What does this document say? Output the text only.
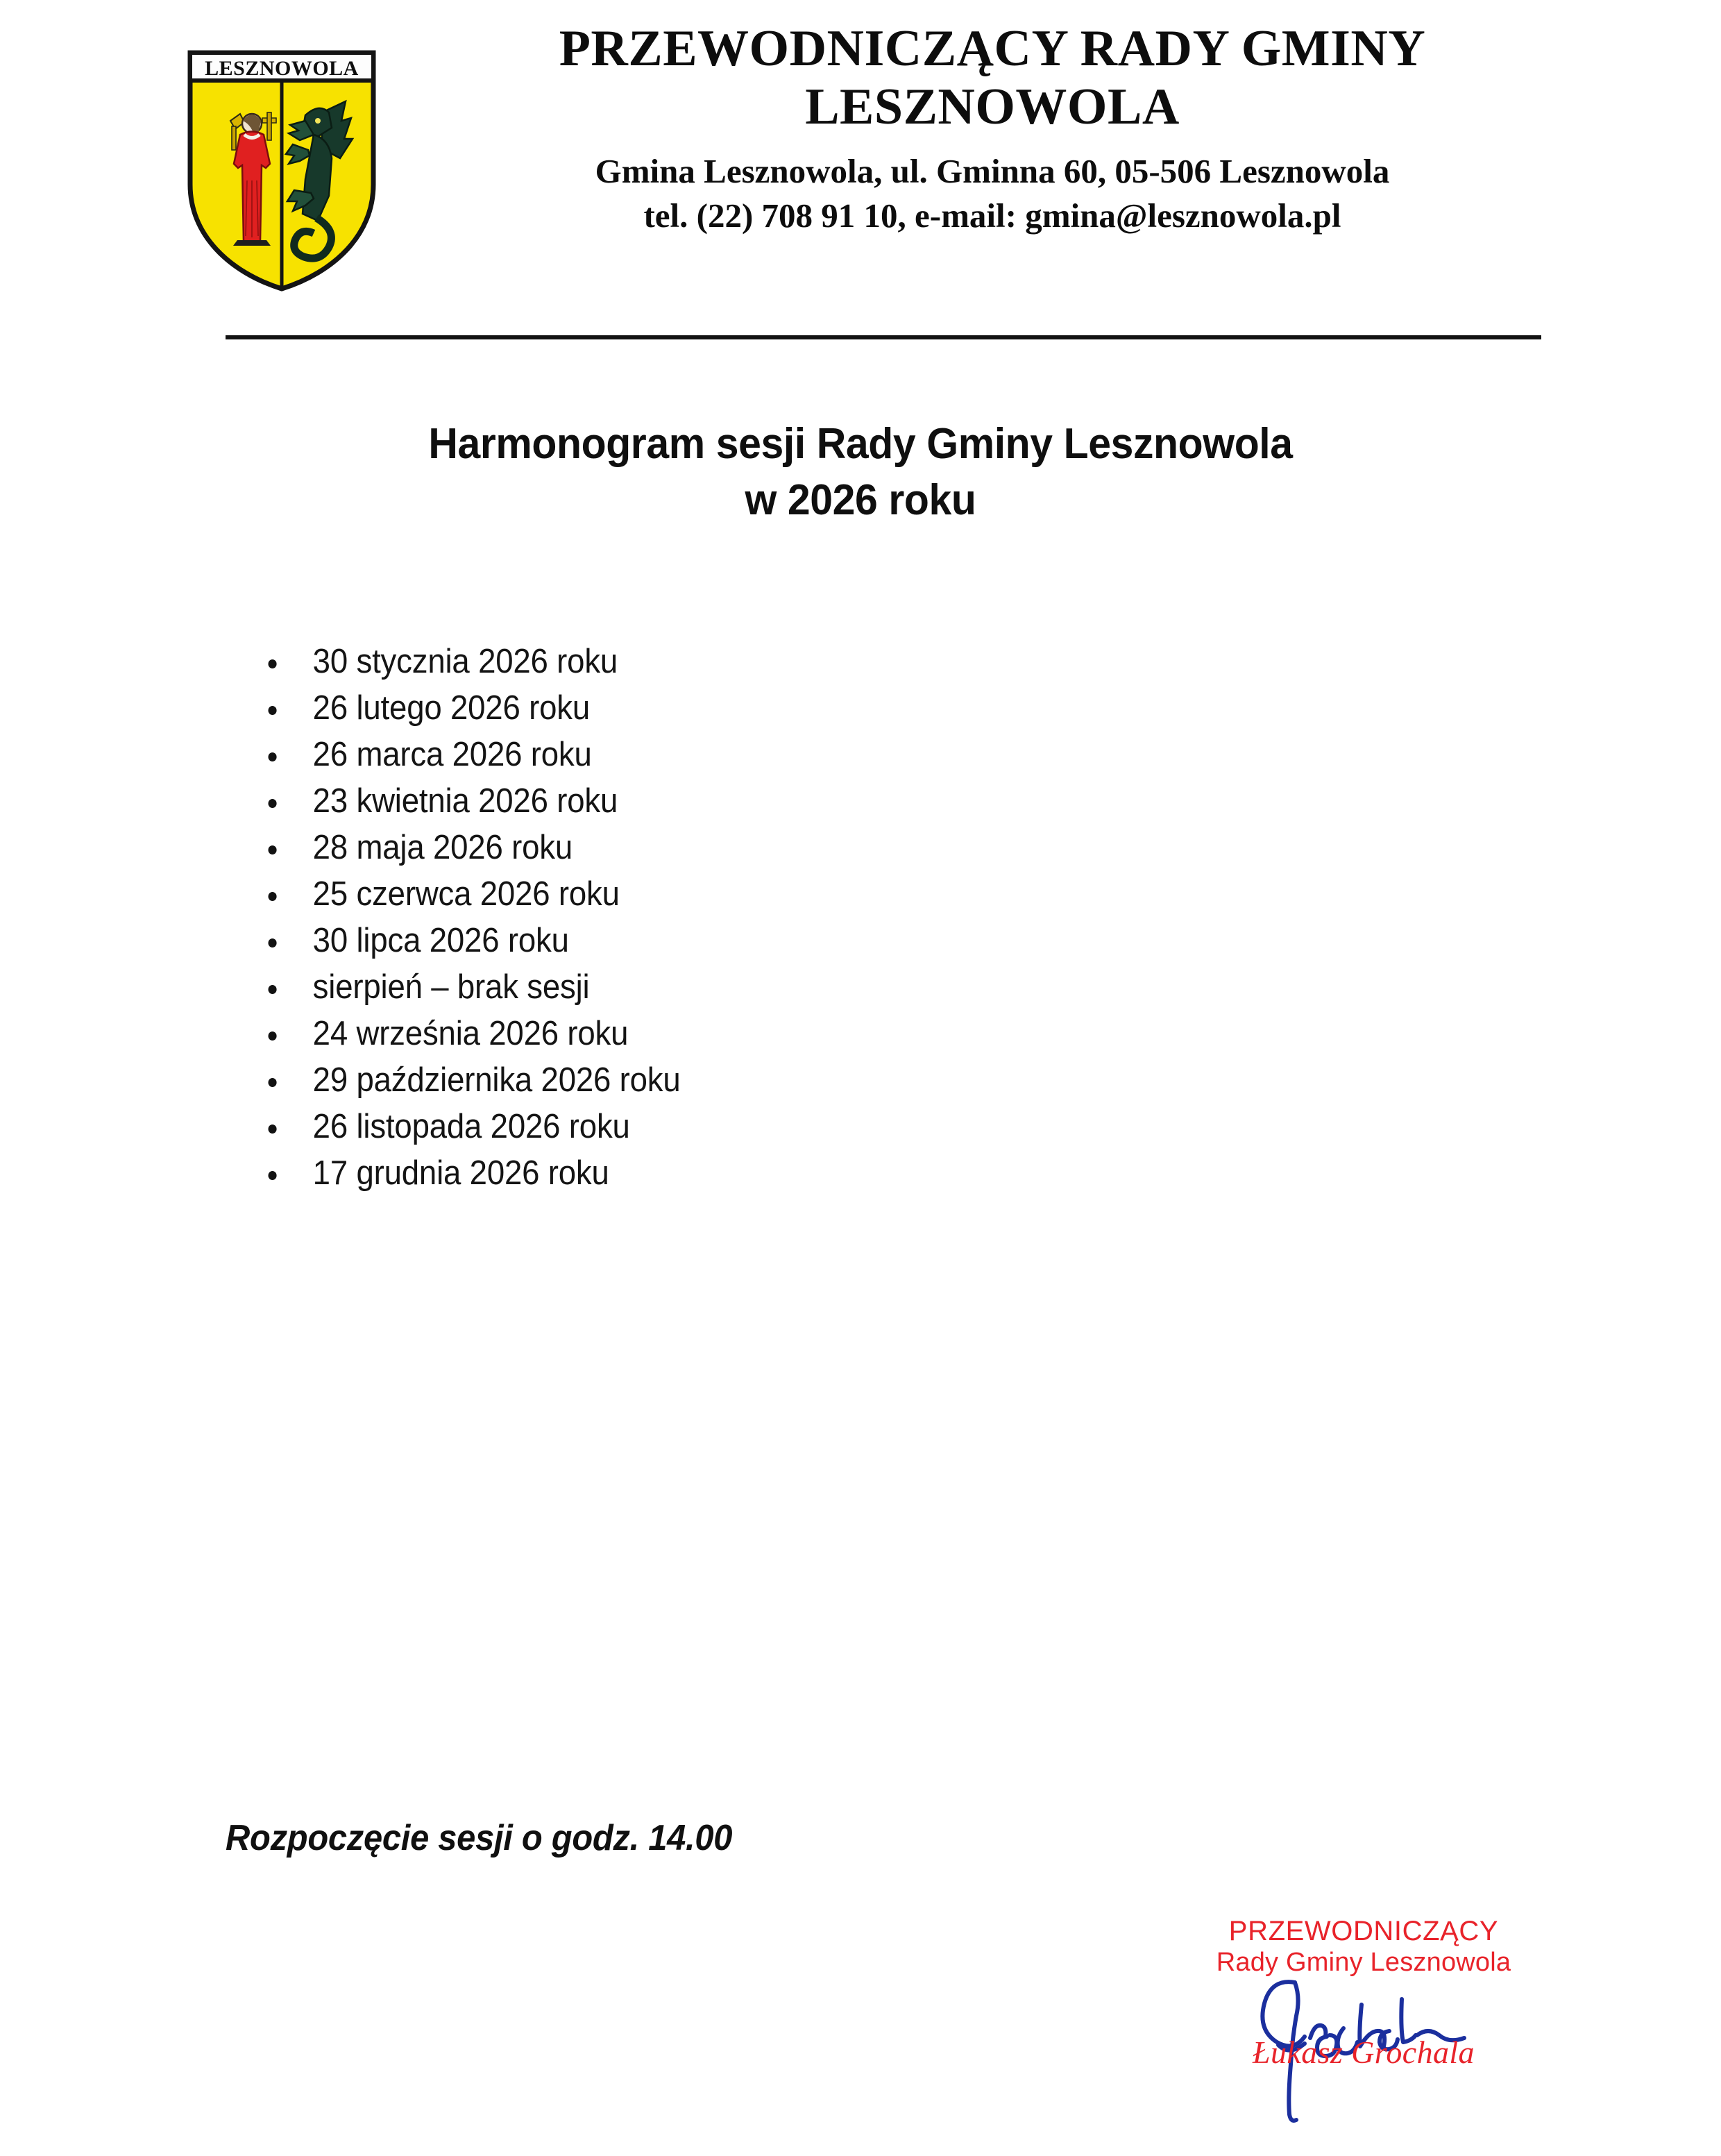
LESZNOWOLA	PRZEWODNICZĄCY RADY GMINY
LESZNOWOLA
Gmina Lesznowola, ul. Gminna 60, 05-506 Lesznowola
tel. (22) 708 91 10, e-mail: gmina@lesznowola.pl
Harmonogram sesji Rady Gminy Lesznowola
w 2026 roku
30 stycznia 2026 roku
26 lutego 2026 roku
26 marca 2026 roku
23 kwietnia 2026 roku
28 maja 2026 roku
25 czerwca 2026 roku
30 lipca 2026 roku
sierpień – brak sesji
24 września 2026 roku
29 października 2026 roku
26 listopada 2026 roku
17 grudnia 2026 roku
Rozpoczęcie sesji o godz. 14.00
PRZEWODNICZĄCY
Rady Gminy Lesznowola
Łukasz Grochala
